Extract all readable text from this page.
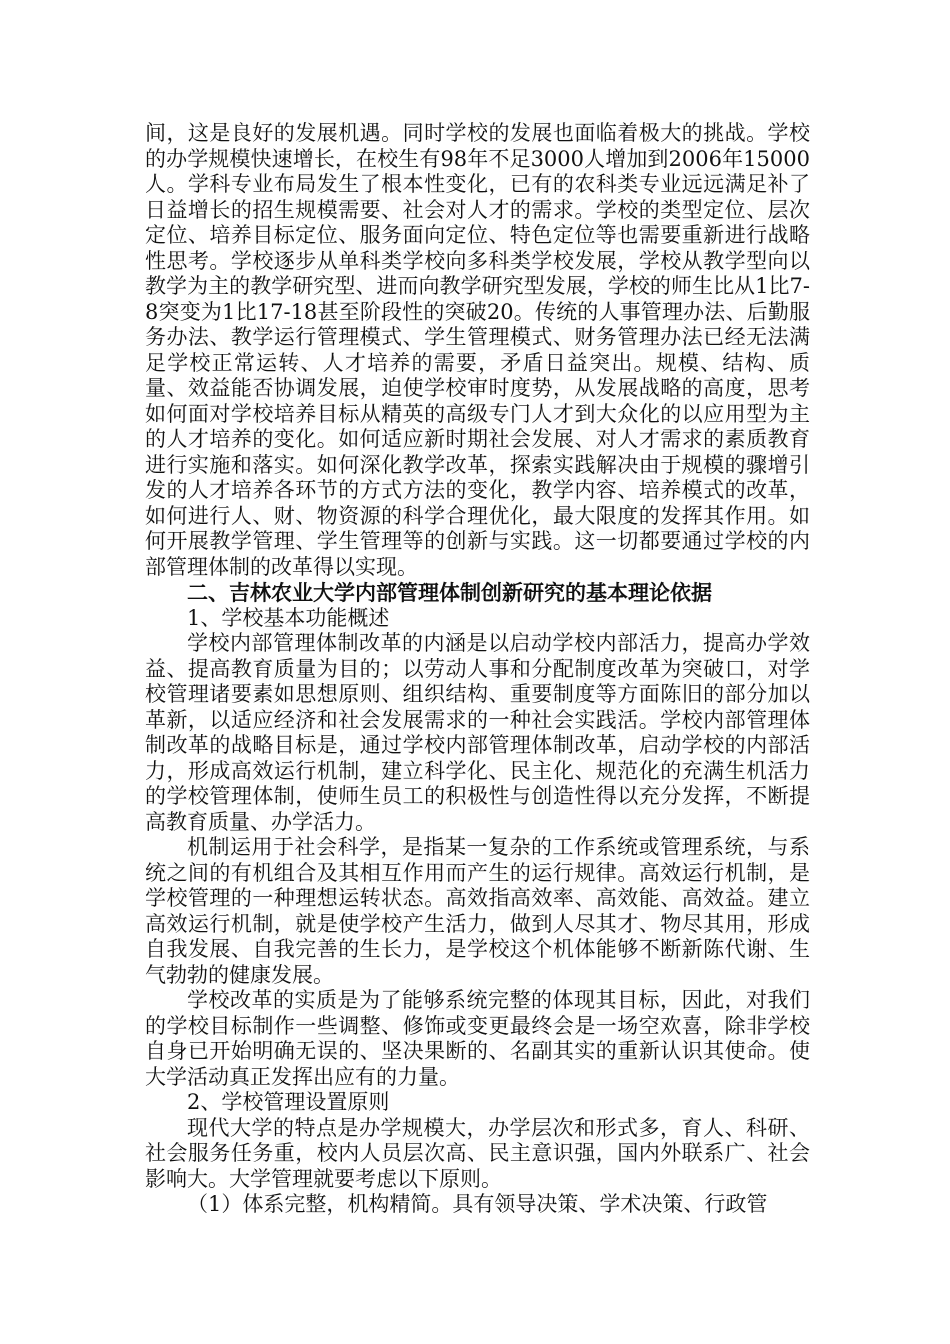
间，这是良好的发展机遇。同时学校的发展也面临着极大的挑战。学校的办学规模快速增长，在校生有98年不足3000人增加到2006年15000人。学科专业布局发生了根本性变化，已有的农科类专业远远满足补了日益增长的招生规模需要、社会对人才的需求。学校的类型定位、层次定位、培养目标定位、服务面向定位、特色定位等也需要重新进行战略性思考。学校逐步从单科类学校向多科类学校发展，学校从教学型向以教学为主的教学研究型、进而向教学研究型发展，学校的师生比从1比7-8突变为1比17-18甚至阶段性的突破20。传统的人事管理办法、后勤服务办法、教学运行管理模式、学生管理模式、财务管理办法已经无法满足学校正常运转、人才培养的需要，矛盾日益突出。规模、结构、质量、效益能否协调发展，迫使学校审时度势，从发展战略的高度，思考如何面对学校培养目标从精英的高级专门人才到大众化的以应用型为主的人才培养的变化。如何适应新时期社会发展、对人才需求的素质教育进行实施和落实。如何深化教学改革，探索实践解决由于规模的骤增引发的人才培养各环节的方式方法的变化，教学内容、培养模式的改革，如何进行人、财、物资源的科学合理优化，最大限度的发挥其作用。如何开展教学管理、学生管理等的创新与实践。这一切都要通过学校的内部管理体制的改革得以实现。

二、吉林农业大学内部管理体制创新研究的基本理论依据

1、学校基本功能概述

学校内部管理体制改革的内涵是以启动学校内部活力，提高办学效益、提高教育质量为目的；以劳动人事和分配制度改革为突破口，对学校管理诸要素如思想原则、组织结构、重要制度等方面陈旧的部分加以革新，以适应经济和社会发展需求的一种社会实践活。学校内部管理体制改革的战略目标是，通过学校内部管理体制改革，启动学校的内部活力，形成高效运行机制，建立科学化、民主化、规范化的充满生机活力的学校管理体制，使师生员工的积极性与创造性得以充分发挥，不断提高教育质量、办学活力。

机制运用于社会科学，是指某一复杂的工作系统或管理系统，与系统之间的有机组合及其相互作用而产生的运行规律。高效运行机制，是学校管理的一种理想运转状态。高效指高效率、高效能、高效益。建立高效运行机制，就是使学校产生活力，做到人尽其才、物尽其用，形成自我发展、自我完善的生长力，是学校这个机体能够不断新陈代谢、生气勃勃的健康发展。

学校改革的实质是为了能够系统完整的体现其目标，因此，对我们的学校目标制作一些调整、修饰或变更最终会是一场空欢喜，除非学校自身已开始明确无误的、坚决果断的、名副其实的重新认识其使命。使大学活动真正发挥出应有的力量。

2、学校管理设置原则

现代大学的特点是办学规模大，办学层次和形式多，育人、科研、社会服务任务重，校内人员层次高、民主意识强，国内外联系广、社会影响大。大学管理就要考虑以下原则。

（1）体系完整，机构精简。具有领导决策、学术决策、行政管
